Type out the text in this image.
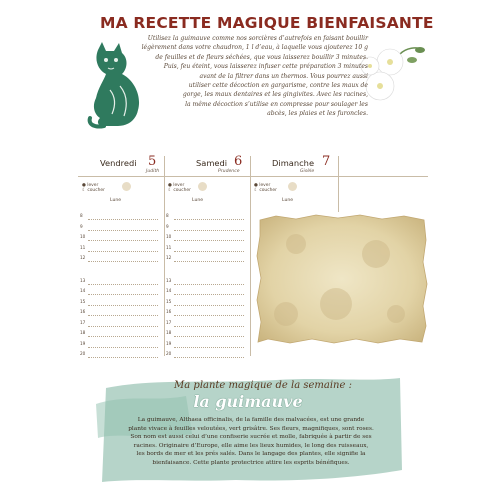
MA RECETTE MAGIQUE BIENFAISANTE

Utilisez la guimauve comme nos sorcières d’autrefois en faisant bouillir

légèrement dans votre chaudron, 1 l d’eau, à laquelle vous ajouterez 10 g

de feuilles et de fleurs séchées, que vous laisserez bouillir 3 minutes.

Puis, feu éteint, vous laisserez infuser cette préparation 3 minutes

avant de la filtrer dans un thermos. Vous pourrez aussi

utiliser cette décoction en gargarisme, contre les maux de

gorge, les maux dentaires et les gingivites. Avec les racines,

la même décoction s’utilise en compresse pour soulager les

abcès, les plaies et les furoncles.

Vendredi 5
Judith
Samedi 6
Prudence
Dimanche 7
Gisèle
● lever
☾ coucher
● lever
☾ coucher
● lever
☾ coucher
Lune	Lune	Lune
8
9
10
11
12
13
14
15
16
17
18
19
20
8
9
10
11
12
13
14
15
16
17
18
19
20
Ma plante magique de la semaine :
la guimauve
La guimauve, Althaea officinalis, de la famille des malvacées, est une grande
plante vivace à feuilles veloutées, vert grisâtre. Ses fleurs, magnifiques, sont roses.
Son nom est aussi celui d’une confiserie sucrée et molle, fabriquée à partir de ses
racines. Originaire d’Europe, elle aime les lieux humides, le long des ruisseaux,
les bords de mer et les prés salés. Dans le langage des plantes, elle signifie la
bienfaisance. Cette plante protectrice attire les esprits bénéfiques.
